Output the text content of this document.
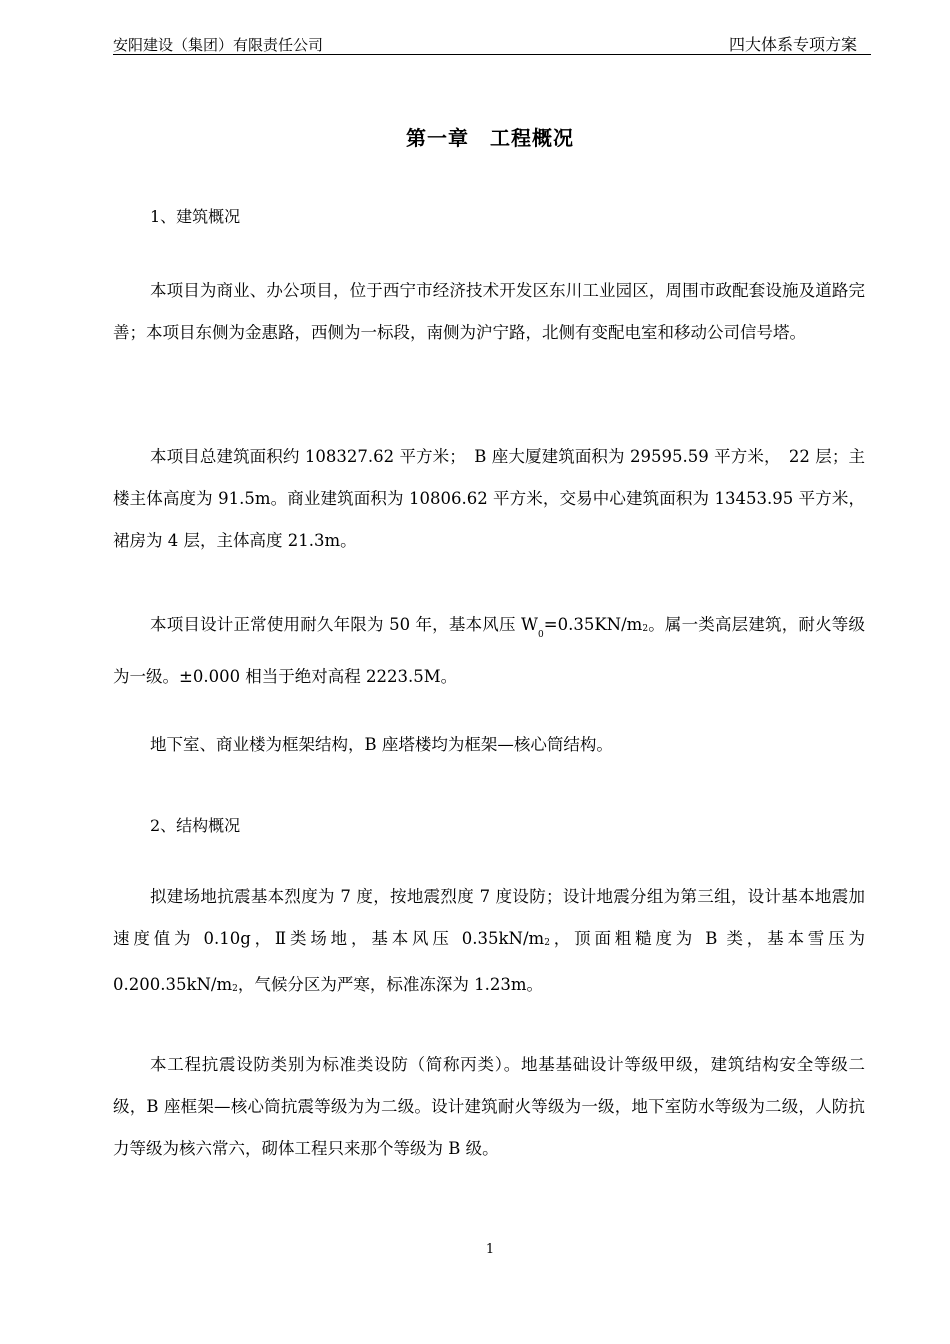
安阳建设（集团）有限责任公司	四大体系专项方案
第一章　工程概况
1、建筑概况
本项目为商业、办公项目，位于西宁市经济技术开发区东川工业园区，周围市政配套设施及道路完善；本项目东侧为金惠路，西侧为一标段，南侧为沪宁路，北侧有变配电室和移动公司信号塔。
本项目总建筑面积约 108327.62 平方米；　B 座大厦建筑面积为 29595.59 平方米，　22 层；主楼主体高度为 91.5m。商业建筑面积为 10806.62 平方米，交易中心建筑面积为 13453.95 平方米，裙房为 4 层，主体高度 21.3m。
本项目设计正常使用耐久年限为 50 年，基本风压 $W_0=0.35KN/m2$。属一类高层建筑，耐火等级为一级。±0.000 相当于绝对高程 2223.5M。
地下室、商业楼为框架结构，B 座塔楼均为框架—核心筒结构。
2、结构概况
拟建场地抗震基本烈度为 7 度，按地震烈度 7 度设防；设计地震分组为第三组，设计基本地震加速度值为 0.10g，Ⅱ类场地，基本风压 0.35kN/m2，顶面粗糙度为 B 类，基本雪压为 0.200.35kN/m2，气候分区为严寒，标准冻深为 1.23m。
本工程抗震设防类别为标准类设防（简称丙类）。地基基础设计等级甲级，建筑结构安全等级二级，B 座框架—核心筒抗震等级为为二级。设计建筑耐火等级为一级，地下室防水等级为二级，人防抗力等级为核六常六，砌体工程只来那个等级为 B 级。
1
